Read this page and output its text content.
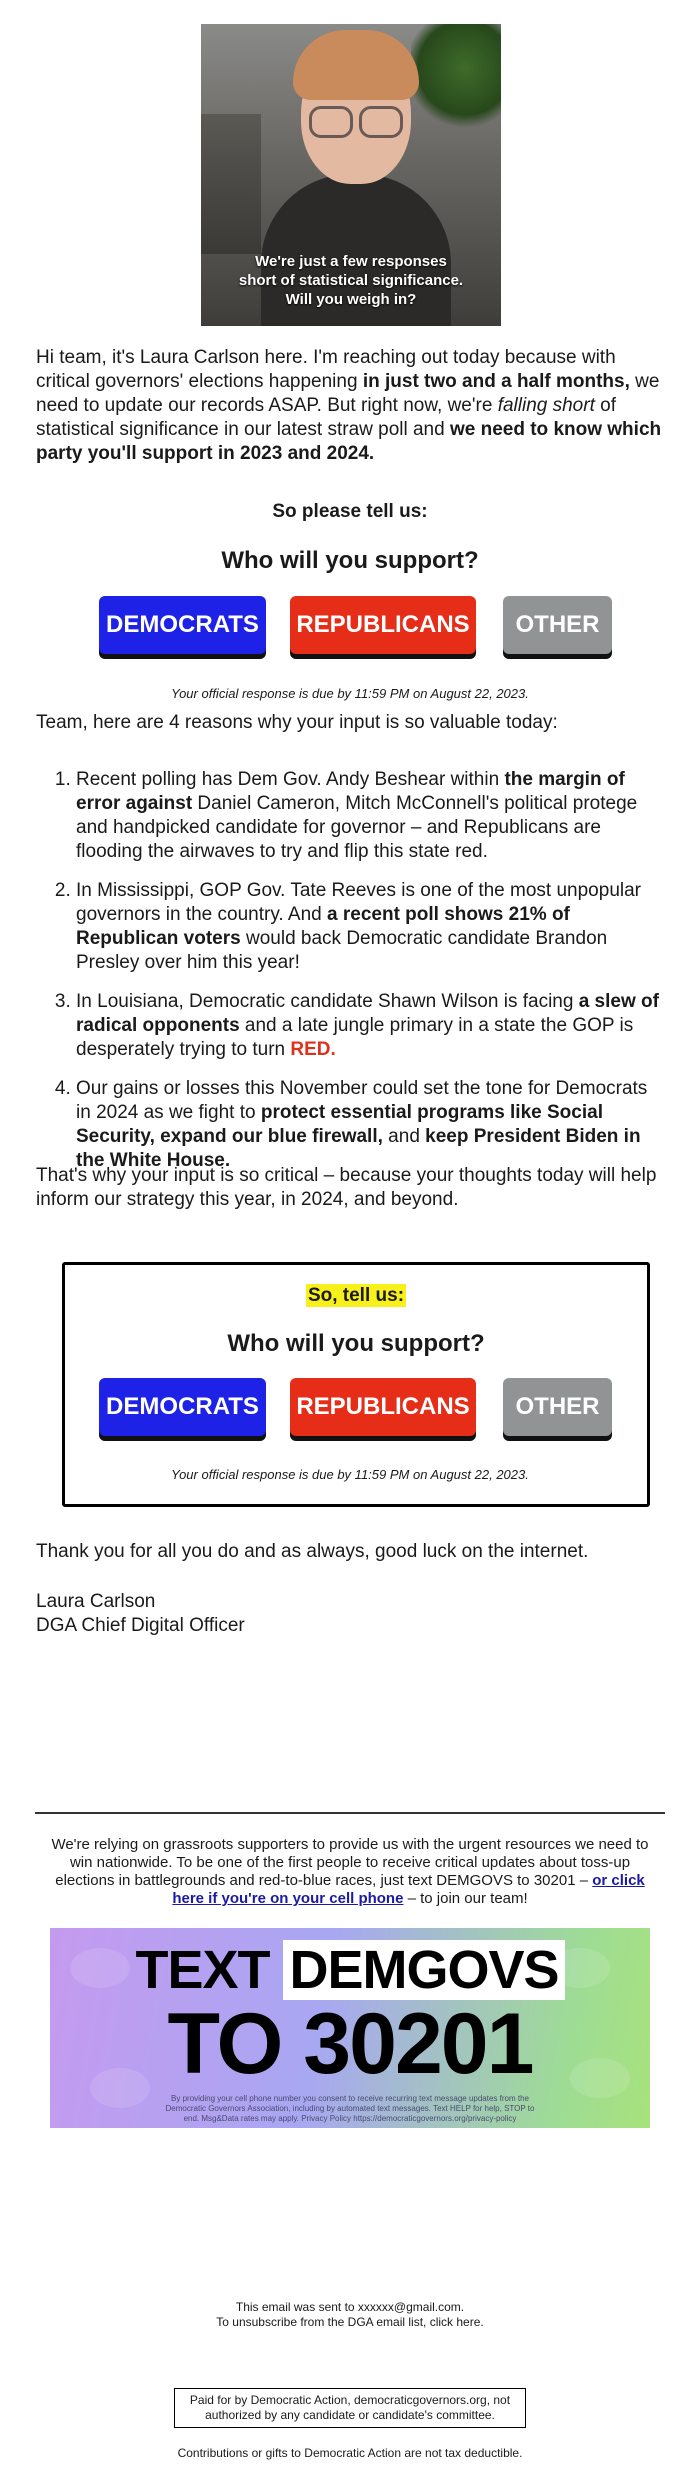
We're just a few responses
short of statistical significance.
Will you weigh in?
Hi team, it's Laura Carlson here. I'm reaching out today because with critical governors' elections happening in just two and a half months, we need to update our records ASAP. But right now, we're falling short of statistical significance in our latest straw poll and we need to know which party you'll support in 2023 and 2024.
So please tell us:
Who will you support?
DEMOCRATS REPUBLICANS	OTHER
Your official response is due by 11:59 PM on August 22, 2023.
Team, here are 4 reasons why your input is so valuable today:
1. Recent polling has Dem Gov. Andy Beshear within the margin of error against Daniel Cameron, Mitch McConnell's political protege and handpicked candidate for governor – and Republicans are flooding the airwaves to try and flip this state red.
2. In Mississippi, GOP Gov. Tate Reeves is one of the most unpopular governors in the country. And a recent poll shows 21% of Republican voters would back Democratic candidate Brandon Presley over him this year!
3. In Louisiana, Democratic candidate Shawn Wilson is facing a slew of radical opponents and a late jungle primary in a state the GOP is desperately trying to turn RED.
4. Our gains or losses this November could set the tone for Democrats in 2024 as we fight to protect essential programs like Social Security, expand our blue firewall, and keep President Biden in the White House.
That's why your input is so critical – because your thoughts today will help inform our strategy this year, in 2024, and beyond.
So, tell us:
Who will you support?
DEMOCRATS REPUBLICANS	OTHER
Your official response is due by 11:59 PM on August 22, 2023.
Thank you for all you do and as always, good luck on the internet.
Laura Carlson
DGA Chief Digital Officer
We're relying on grassroots supporters to provide us with the urgent resources we need to win nationwide. To be one of the first people to receive critical updates about toss-up elections in battlegrounds and red-to-blue races, just text DEMGOVS to 30201 – or click here if you're on your cell phone – to join our team!
TEXT DEMGOVS
TO 30201
By providing your cell phone number you consent to receive recurring text message updates from the Democratic Governors Association, including by automated text messages. Text HELP for help, STOP to end. Msg&Data rates may apply. Privacy Policy https://democraticgovernors.org/privacy-policy
This email was sent to xxxxxx@gmail.com.
To unsubscribe from the DGA email list, click here.
Paid for by Democratic Action, democraticgovernors.org, not authorized by any candidate or candidate's committee.
Contributions or gifts to Democratic Action are not tax deductible.
